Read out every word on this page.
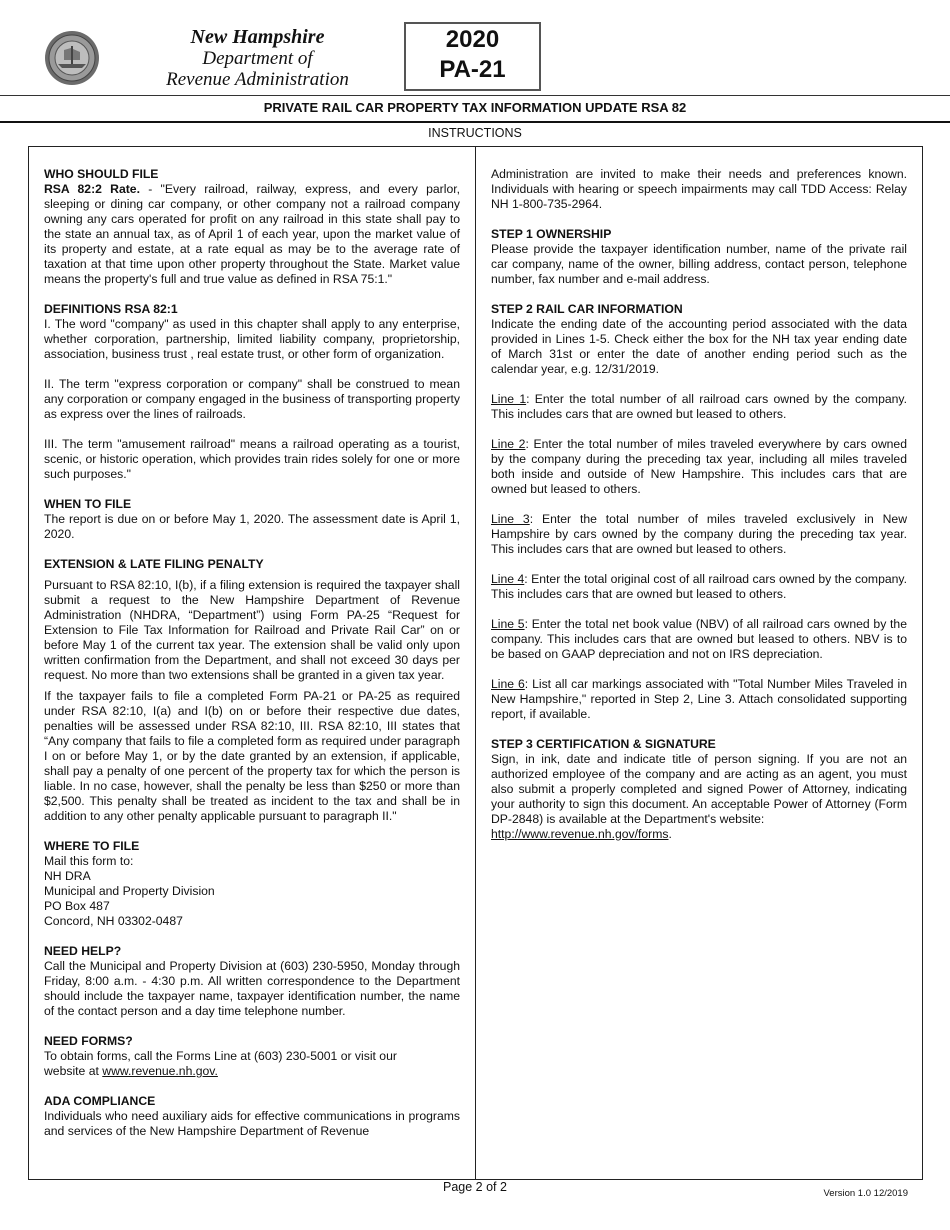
New Hampshire
Department of
Revenue Administration
2020
PA-21
PRIVATE RAIL CAR PROPERTY TAX INFORMATION UPDATE RSA 82
INSTRUCTIONS

WHO SHOULD FILE

RSA 82:2 Rate. - "Every railroad, railway, express, and every parlor, sleeping or dining car company, or other company not a railroad company owning any cars operated for profit on any railroad in this state shall pay to the state an annual tax, as of April 1 of each year, upon the market value of its property and estate, at a rate equal as may be to the average rate of taxation at that time upon other property throughout the State. Market value means the property's full and true value as defined in RSA 75:1."

DEFINITIONS RSA 82:1

I. The word "company" as used in this chapter shall apply to any enterprise, whether corporation, partnership, limited liability company, proprietorship, association, business trust , real estate trust, or other form of organization.

II. The term "express corporation or company" shall be construed to mean any corporation or company engaged in the business of transporting property as express over the lines of railroads.

III. The term "amusement railroad" means a railroad operating as a tourist, scenic, or historic operation, which provides train rides solely for one or more such purposes."

WHEN TO FILE

The report is due on or before May 1, 2020. The assessment date is April 1, 2020.

EXTENSION & LATE FILING PENALTY

Pursuant to RSA 82:10, I(b), if a filing extension is required the taxpayer shall submit a request to the New Hampshire Department of Revenue Administration (NHDRA, “Department”) using Form PA-25 “Request for Extension to File Tax Information for Railroad and Private Rail Car” on or before May 1 of the current tax year. The extension shall be valid only upon written confirmation from the Department, and shall not exceed 30 days per request. No more than two extensions shall be granted in a given tax year.

If the taxpayer fails to file a completed Form PA-21 or PA-25 as required under RSA 82:10, I(a) and I(b) on or before their respective due dates, penalties will be assessed under RSA 82:10, III. RSA 82:10, III states that “Any company that fails to file a completed form as required under paragraph I on or before May 1, or by the date granted by an extension, if applicable, shall pay a penalty of one percent of the property tax for which the person is liable. In no case, however, shall the penalty be less than $250 or more than $2,500. This penalty shall be treated as incident to the tax and shall be in addition to any other penalty applicable pursuant to paragraph II."

WHERE TO FILE

Mail this form to:

NH DRA

Municipal and Property Division

PO Box 487

Concord, NH 03302-0487

NEED HELP?

Call the Municipal and Property Division at (603) 230-5950, Monday through Friday, 8:00 a.m. - 4:30 p.m. All written correspondence to the Department should include the taxpayer name, taxpayer identification number, the name of the contact person and a day time telephone number.

NEED FORMS?

To obtain forms, call the Forms Line at (603) 230-5001 or visit our

website at www.revenue.nh.gov.

ADA COMPLIANCE

Individuals who need auxiliary aids for effective communications in programs and services of the New Hampshire Department of Revenue

Administration are invited to make their needs and preferences known. Individuals with hearing or speech impairments may call TDD Access: Relay NH 1-800-735-2964.

STEP 1 OWNERSHIP

Please provide the taxpayer identification number, name of the private rail car company, name of the owner, billing address, contact person, telephone number, fax number and e-mail address.

STEP 2 RAIL CAR INFORMATION

Indicate the ending date of the accounting period associated with the data provided in Lines 1-5. Check either the box for the NH tax year ending date of March 31st or enter the date of another ending period such as the calendar year, e.g. 12/31/2019.

Line 1: Enter the total number of all railroad cars owned by the company. This includes cars that are owned but leased to others.

Line 2: Enter the total number of miles traveled everywhere by cars owned by the company during the preceding tax year, including all miles traveled both inside and outside of New Hampshire. This includes cars that are owned but leased to others.

Line 3: Enter the total number of miles traveled exclusively in New Hampshire by cars owned by the company during the preceding tax year. This includes cars that are owned but leased to others.

Line 4: Enter the total original cost of all railroad cars owned by the company. This includes cars that are owned but leased to others.

Line 5: Enter the total net book value (NBV) of all railroad cars owned by the company. This includes cars that are owned but leased to others. NBV is to be based on GAAP depreciation and not on IRS depreciation.

Line 6: List all car markings associated with "Total Number Miles Traveled in New Hampshire," reported in Step 2, Line 3. Attach consolidated supporting report, if available.

STEP 3 CERTIFICATION & SIGNATURE

Sign, in ink, date and indicate title of person signing. If you are not an authorized employee of the company and are acting as an agent, you must also submit a properly completed and signed Power of Attorney, indicating your authority to sign this document. An acceptable Power of Attorney (Form DP-2848) is available at the Department's website:

http://www.revenue.nh.gov/forms.

Page 2 of 2	Version 1.0 12/2019
